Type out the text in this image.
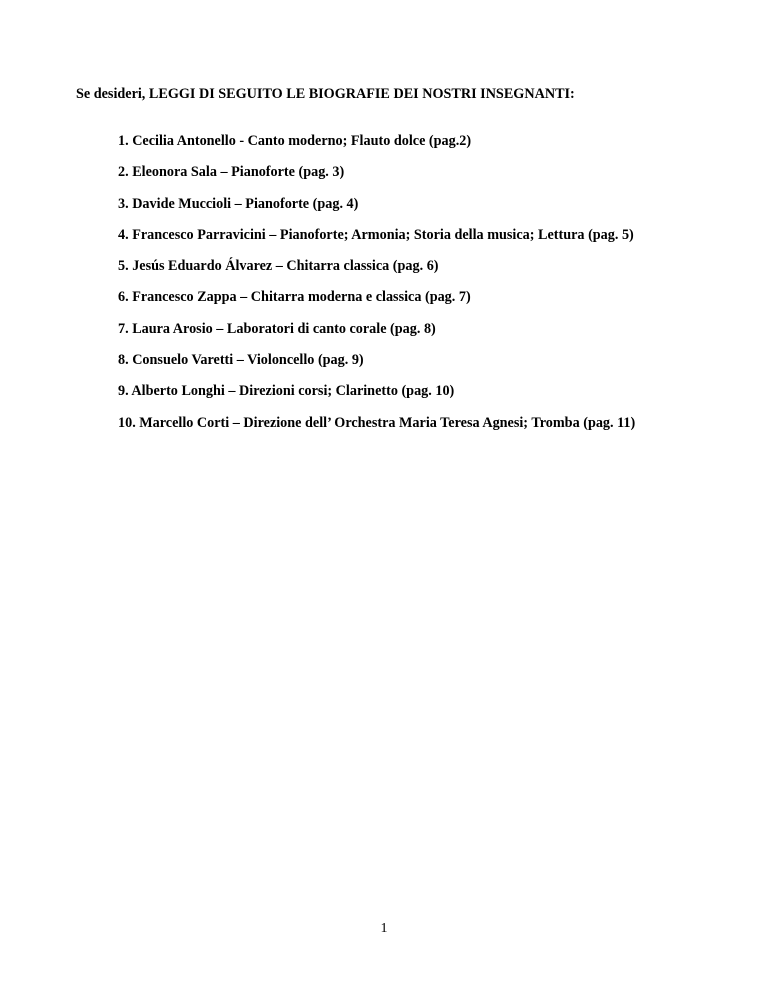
Se desideri, LEGGI DI SEGUITO LE BIOGRAFIE DEI NOSTRI INSEGNANTI:

1. Cecilia Antonello - Canto moderno; Flauto dolce (pag.2)
2. Eleonora Sala – Pianoforte (pag. 3)
3. Davide Muccioli – Pianoforte (pag. 4)
4. Francesco Parravicini – Pianoforte; Armonia; Storia della musica; Lettura (pag. 5)
5. Jesús Eduardo Álvarez – Chitarra classica (pag. 6)
6. Francesco Zappa – Chitarra moderna e classica (pag. 7)
7. Laura Arosio – Laboratori di canto corale (pag. 8)
8. Consuelo Varetti – Violoncello (pag. 9)
9. Alberto Longhi – Direzioni corsi; Clarinetto (pag. 10)
10. Marcello Corti – Direzione dell’ Orchestra Maria Teresa Agnesi; Tromba (pag. 11)
1
